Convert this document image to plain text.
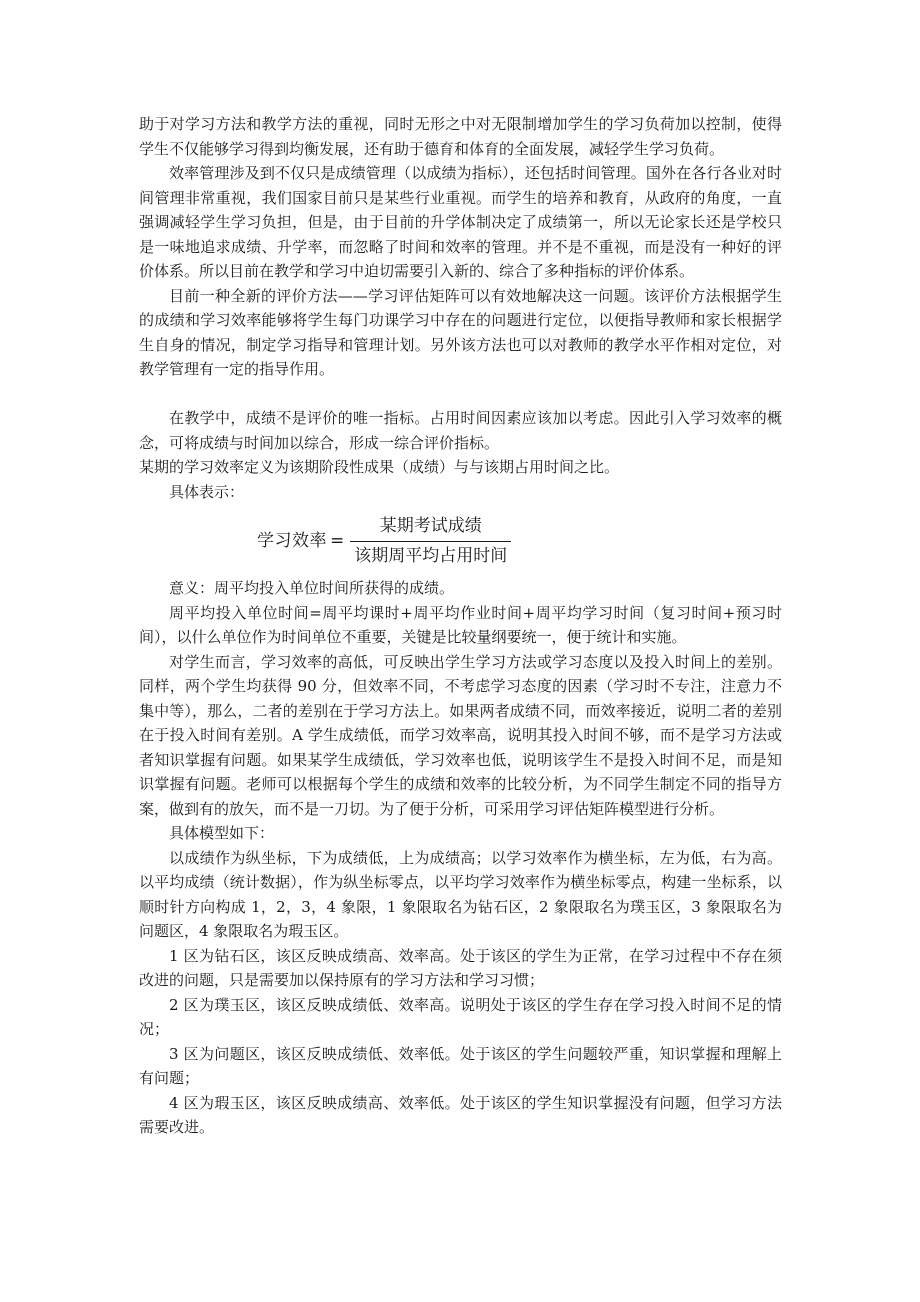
助于对学习方法和教学方法的重视，同时无形之中对无限制增加学生的学习负荷加以控制，使得学生不仅能够学习得到均衡发展，还有助于德育和体育的全面发展，减轻学生学习负荷。

效率管理涉及到不仅只是成绩管理（以成绩为指标），还包括时间管理。国外在各行各业对时间管理非常重视，我们国家目前只是某些行业重视。而学生的培养和教育，从政府的角度，一直强调减轻学生学习负担，但是，由于目前的升学体制决定了成绩第一，所以无论家长还是学校只是一味地追求成绩、升学率，而忽略了时间和效率的管理。并不是不重视，而是没有一种好的评价体系。所以目前在教学和学习中迫切需要引入新的、综合了多种指标的评价体系。

目前一种全新的评价方法——学习评估矩阵可以有效地解决这一问题。该评价方法根据学生的成绩和学习效率能够将学生每门功课学习中存在的问题进行定位，以便指导教师和家长根据学生自身的情况，制定学习指导和管理计划。另外该方法也可以对教师的教学水平作相对定位，对教学管理有一定的指导作用。

在教学中，成绩不是评价的唯一指标。占用时间因素应该加以考虑。因此引入学习效率的概念，可将成绩与时间加以综合，形成一综合评价指标。

某期的学习效率定义为该期阶段性成果（成绩）与与该期占用时间之比。

具体表示：

学习效率 = $\frac{\text{某期考试成绩}}{\text{该期周平均占用时间}}$

意义：周平均投入单位时间所获得的成绩。

周平均投入单位时间=周平均课时+周平均作业时间+周平均学习时间（复习时间+预习时间），以什么单位作为时间单位不重要，关键是比较量纲要统一，便于统计和实施。

对学生而言，学习效率的高低，可反映出学生学习方法或学习态度以及投入时间上的差别。同样，两个学生均获得 90 分，但效率不同，不考虑学习态度的因素（学习时不专注，注意力不集中等），那么，二者的差别在于学习方法上。如果两者成绩不同，而效率接近，说明二者的差别在于投入时间有差别。A 学生成绩低，而学习效率高，说明其投入时间不够，而不是学习方法或者知识掌握有问题。如果某学生成绩低，学习效率也低，说明该学生不是投入时间不足，而是知识掌握有问题。老师可以根据每个学生的成绩和效率的比较分析，为不同学生制定不同的指导方案，做到有的放矢，而不是一刀切。为了便于分析，可采用学习评估矩阵模型进行分析。

具体模型如下：

以成绩作为纵坐标，下为成绩低，上为成绩高；以学习效率作为横坐标，左为低，右为高。以平均成绩（统计数据），作为纵坐标零点，以平均学习效率作为横坐标零点，构建一坐标系，以顺时针方向构成 1，2，3，4 象限，1 象限取名为钻石区，2 象限取名为璞玉区，3 象限取名为问题区，4 象限取名为瑕玉区。

1 区为钻石区，该区反映成绩高、效率高。处于该区的学生为正常，在学习过程中不存在须改进的问题，只是需要加以保持原有的学习方法和学习习惯；

2 区为璞玉区，该区反映成绩低、效率高。说明处于该区的学生存在学习投入时间不足的情况；

3 区为问题区，该区反映成绩低、效率低。处于该区的学生问题较严重，知识掌握和理解上有问题；

4 区为瑕玉区，该区反映成绩高、效率低。处于该区的学生知识掌握没有问题，但学习方法需要改进。
